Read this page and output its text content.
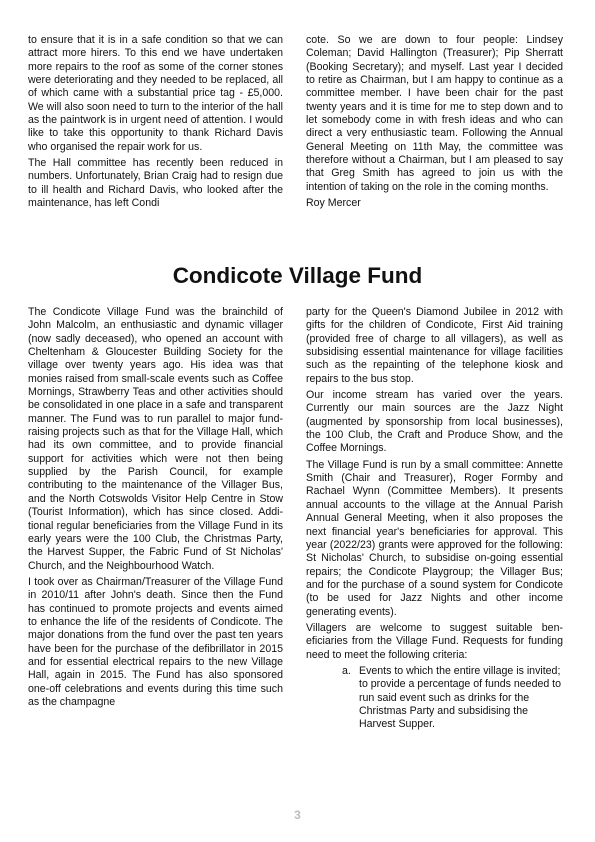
to ensure that it is in a safe condition so that we can attract more hirers. To this end we have undertaken more repairs to the roof as some of the corner stones were deteriorating and they needed to be replaced, all of which came with a substantial price tag - £5,000. We will also soon need to turn to the interior of the hall as the paintwork is in urgent need of attention. I would like to take this opportunity to thank Richard Davis who organised the repair work for us.

The Hall committee has recently been reduced in numbers. Unfortunately, Brian Craig had to resign due to ill health and Richard Davis, who looked after the maintenance, has left Condi

cote. So we are down to four people: Lindsey Coleman; David Hallington (Treasurer); Pip Sherratt (Booking Secretary); and myself. Last year I decided to retire as Chairman, but I am happy to continue as a committee member. I have been chair for the past twenty years and it is time for me to step down and to let somebody come in with fresh ideas and who can direct a very enthusiastic team. Following the Annual General Meeting on 11th May, the committee was therefore without a Chairman, but I am pleased to say that Greg Smith has agreed to join us with the intention of taking on the role in the coming months.

Roy Mercer

Condicote Village Fund

The Condicote Village Fund was the brainchild of John Malcolm, an enthusiastic and dynamic villager (now sadly deceased), who opened an account with Cheltenham & Gloucester Building Society for the village over twenty years ago. His idea was that monies raised from small-scale events such as Coffee Mornings, Strawberry Teas and other activities should be consolidated in one place in a safe and transparent manner. The Fund was to run parallel to major fund-raising projects such as that for the Village Hall, which had its own committee, and to provide financial support for activities which were not then being supplied by the Parish Council, for example contributing to the maintenance of the Villager Bus, and the North Cotswolds Visitor Help Centre in Stow (Tourist Information), which has since closed. Additional regular beneficiaries from the Village Fund in its early years were the 100 Club, the Christmas Party, the Harvest Supper, the Fabric Fund of St Nicholas' Church, and the Neighbourhood Watch.

I took over as Chairman/Treasurer of the Village Fund in 2010/11 after John's death. Since then the Fund has continued to promote projects and events aimed to enhance the life of the residents of Condicote. The major donations from the fund over the past ten years have been for the purchase of the defibrillator in 2015 and for essential electrical repairs to the new Village Hall, again in 2015. The Fund has also sponsored one-off celebrations and events during this time such as the champagne

party for the Queen's Diamond Jubilee in 2012 with gifts for the children of Condicote, First Aid training (provided free of charge to all villagers), as well as subsidising essential maintenance for village facilities such as the repainting of the telephone kiosk and repairs to the bus stop.

Our income stream has varied over the years. Currently our main sources are the Jazz Night (augmented by sponsorship from local businesses), the 100 Club, the Craft and Produce Show, and the Coffee Mornings.

The Village Fund is run by a small committee: Annette Smith (Chair and Treasurer), Roger Formby and Rachael Wynn (Committee Members). It presents annual accounts to the village at the Annual Parish Annual General Meeting, when it also proposes the next financial year's beneficiaries for approval. This year (2022/23) grants were approved for the following: St Nicholas' Church, to subsidise on-going essential repairs; the Condicote Playgroup; the Villager Bus; and for the purchase of a sound system for Condicote (to be used for Jazz Nights and other income generating events).

Villagers are welcome to suggest suitable beneficiaries from the Village Fund. Requests for funding need to meet the following criteria:

a. Events to which the entire village is invited; to provide a percentage of funds needed to run said event such as drinks for the Christmas Party and subsidising the Harvest Supper.
3
